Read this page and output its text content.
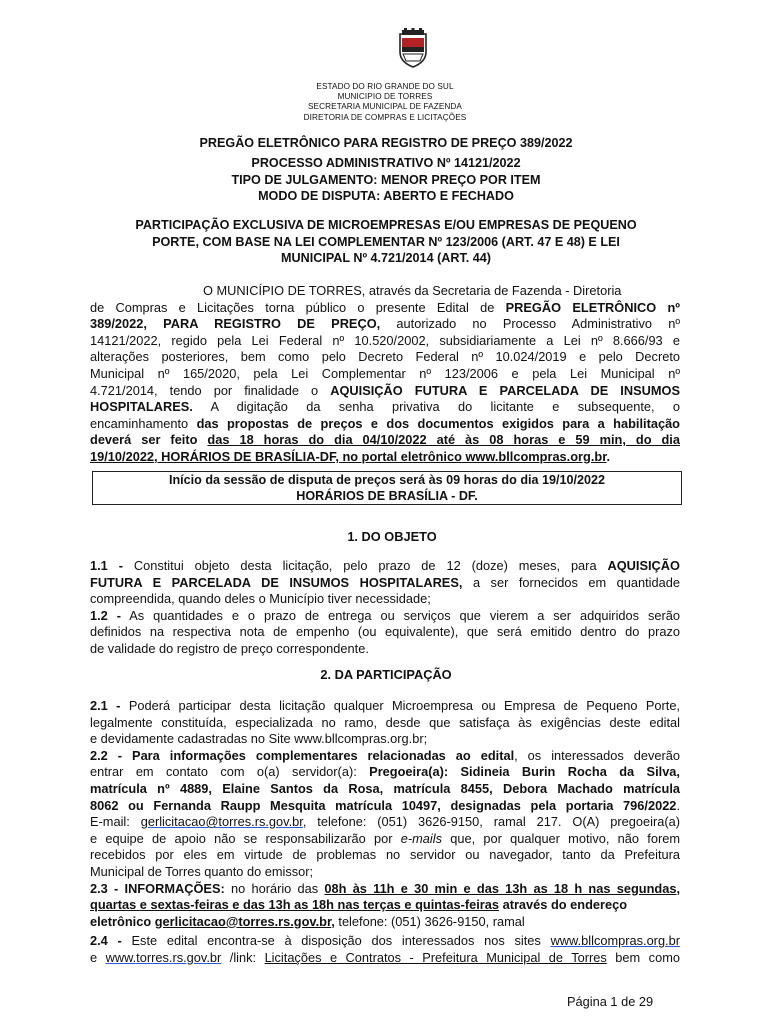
ESTADO DO RIO GRANDE DO SUL
MUNICIPIO DE TORRES
SECRETARIA MUNICIPAL DE FAZENDA
DIRETORIA DE COMPRAS E LICITAÇÕES
PREGÃO ELETRÔNICO PARA REGISTRO DE PREÇO 389/2022
PROCESSO ADMINISTRATIVO Nº 14121/2022
TIPO DE JULGAMENTO: MENOR PREÇO POR ITEM
MODO DE DISPUTA: ABERTO E FECHADO
PARTICIPAÇÃO EXCLUSIVA DE MICROEMPRESAS E/OU EMPRESAS DE PEQUENO
PORTE, COM BASE NA LEI COMPLEMENTAR Nº 123/2006 (ART. 47 E 48) E LEI
MUNICIPAL Nº 4.721/2014 (ART. 44)
O MUNICÍPIO DE TORRES, através da Secretaria de Fazenda - Diretoria
de Compras e Licitações torna público o presente Edital de PREGÃO ELETRÔNICO nº
389/2022, PARA REGISTRO DE PREÇO, autorizado no Processo Administrativo nº
14121/2022, regido pela Lei Federal nº 10.520/2002, subsidiariamente a Lei nº 8.666/93 e
alterações posteriores, bem como pelo Decreto Federal nº 10.024/2019 e pelo Decreto
Municipal nº 165/2020, pela Lei Complementar nº 123/2006 e pela Lei Municipal nº
4.721/2014, tendo por finalidade o AQUISIÇÃO FUTURA E PARCELADA DE INSUMOS
HOSPITALARES. A digitação da senha privativa do licitante e subsequente, o
encaminhamento das propostas de preços e dos documentos exigidos para a habilitação
deverá ser feito das 18 horas do dia 04/10/2022 até às 08 horas e 59 min, do dia
19/10/2022, HORÁRIOS DE BRASÍLIA-DF, no portal eletrônico www.bllcompras.org.br.
Início da sessão de disputa de preços será às 09 horas do dia 19/10/2022
HORÁRIOS DE BRASÍLIA - DF.
1. DO OBJETO
1.1 - Constitui objeto desta licitação, pelo prazo de 12 (doze) meses, para AQUISIÇÃO
FUTURA E PARCELADA DE INSUMOS HOSPITALARES, a ser fornecidos em quantidade
compreendida, quando deles o Município tiver necessidade;
1.2 - As quantidades e o prazo de entrega ou serviços que vierem a ser adquiridos serão
definidos na respectiva nota de empenho (ou equivalente), que será emitido dentro do prazo
de validade do registro de preço correspondente.
2. DA PARTICIPAÇÃO
2.1 - Poderá participar desta licitação qualquer Microempresa ou Empresa de Pequeno Porte,
legalmente constituída, especializada no ramo, desde que satisfaça às exigências deste edital
e devidamente cadastradas no Site www.bllcompras.org.br;
2.2 - Para informações complementares relacionadas ao edital, os interessados deverão
entrar em contato com o(a) servidor(a): Pregoeira(a): Sidineia Burin Rocha da Silva,
matrícula nº 4889, Elaine Santos da Rosa, matrícula 8455, Debora Machado matrícula
8062 ou Fernanda Raupp Mesquita matrícula 10497, designadas pela portaria 796/2022.
E-mail: gerlicitacao@torres.rs.gov.br, telefone: (051) 3626-9150, ramal 217. O(A) pregoeira(a)
e equipe de apoio não se responsabilizarão por e-mails que, por qualquer motivo, não forem
recebidos por eles em virtude de problemas no servidor ou navegador, tanto da Prefeitura
Municipal de Torres quanto do emissor;
2.3 - INFORMAÇÕES: no horário das 08h às 11h e 30 min e das 13h as 18 h nas segundas,
quartas e sextas-feiras e das 13h as 18h nas terças e quintas-feiras através do endereço
eletrônico gerlicitacao@torres.rs.gov.br, telefone: (051) 3626-9150, ramal
2.4 - Este edital encontra-se à disposição dos interessados nos sites www.bllcompras.org.br
e www.torres.rs.gov.br /link: Licitações e Contratos - Prefeitura Municipal de Torres bem como
Página 1 de 29
